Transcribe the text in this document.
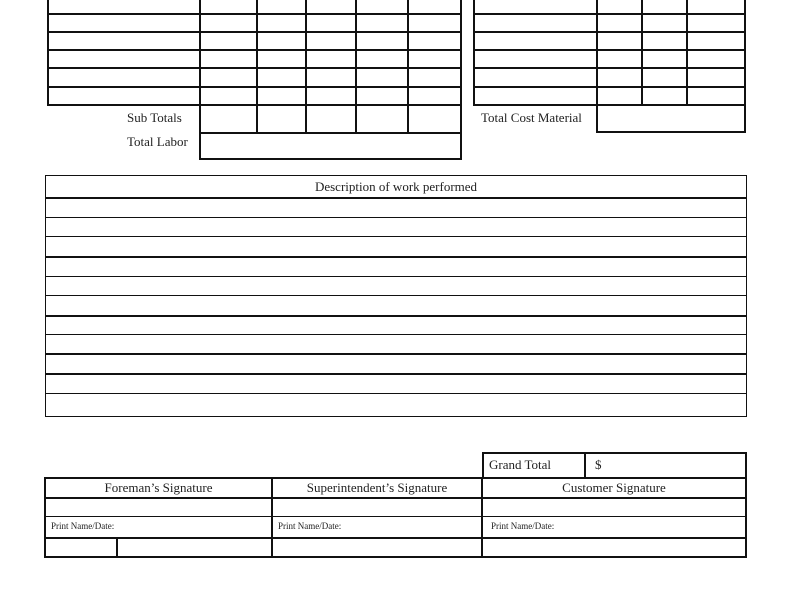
Sub Totals
Total Labor
Total Cost Material
Description of work performed
Grand Total	$
Foreman’s Signature	Superintendent’s Signature	Customer Signature
Print Name/Date:	Print Name/Date:	Print Name/Date:
